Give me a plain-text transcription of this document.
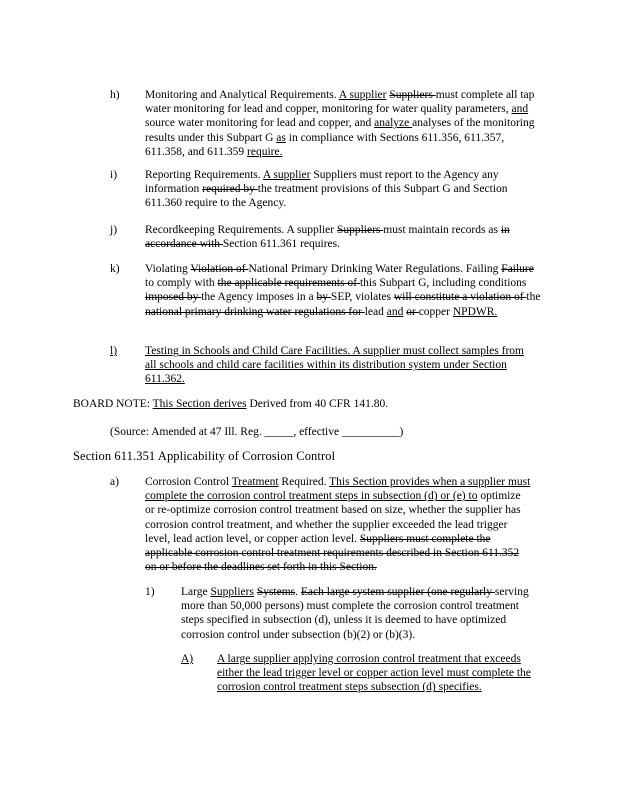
h) Monitoring and Analytical Requirements. A supplier Suppliers must complete all tap water monitoring for lead and copper, monitoring for water quality parameters, and source water monitoring for lead and copper, and analyze analyses of the monitoring results under this Subpart G as in compliance with Sections 611.356, 611.357, 611.358, and 611.359 require.
i) Reporting Requirements. A supplier Suppliers must report to the Agency any information required by the treatment provisions of this Subpart G and Section 611.360 require to the Agency.
j) Recordkeeping Requirements. A supplier Suppliers must maintain records as in accordance with Section 611.361 requires.
k) Violating Violation of National Primary Drinking Water Regulations. Failing Failure to comply with the applicable requirements of this Subpart G, including conditions imposed by the Agency imposes in a by SEP, violates will constitute a violation of the national primary drinking water regulations for lead and or copper NPDWR.
l) Testing in Schools and Child Care Facilities. A supplier must collect samples from all schools and child care facilities within its distribution system under Section 611.362.
BOARD NOTE: This Section derives Derived from 40 CFR 141.80.
(Source: Amended at 47 Ill. Reg. _____, effective __________)
Section 611.351 Applicability of Corrosion Control
a) Corrosion Control Treatment Required. This Section provides when a supplier must complete the corrosion control treatment steps in subsection (d) or (e) to optimize or re-optimize corrosion control treatment based on size, whether the supplier has corrosion control treatment, and whether the supplier exceeded the lead trigger level, lead action level, or copper action level. Suppliers must complete the applicable corrosion control treatment requirements described in Section 611.352 on or before the deadlines set forth in this Section.
1) Large Suppliers Systems. Each large system supplier (one regularly serving more than 50,000 persons) must complete the corrosion control treatment steps specified in subsection (d), unless it is deemed to have optimized corrosion control under subsection (b)(2) or (b)(3).
A) A large supplier applying corrosion control treatment that exceeds either the lead trigger level or copper action level must complete the corrosion control treatment steps subsection (d) specifies.
